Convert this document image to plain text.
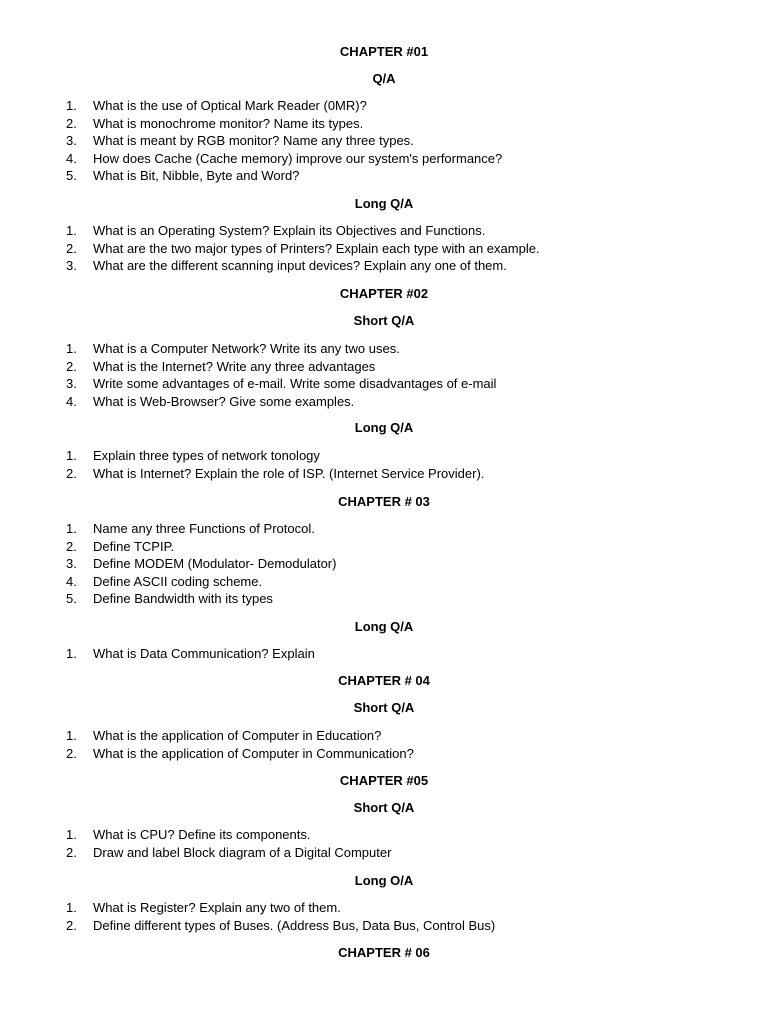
CHAPTER #01
Q/A
1. What is the use of Optical Mark Reader (0MR)?
2. What is monochrome monitor? Name its types.
3. What is meant by RGB monitor? Name any three types.
4. How does Cache (Cache memory) improve our system's performance?
5. What is Bit, Nibble, Byte and Word?
Long Q/A
1. What is an Operating System? Explain its Objectives and Functions.
2. What are the two major types of Printers? Explain each type with an example.
3. What are the different scanning input devices? Explain any one of them.
CHAPTER #02
Short Q/A
1. What is a Computer Network? Write its any two uses.
2. What is the Internet? Write any three advantages
3. Write some advantages of e-mail. Write some disadvantages of e-mail
4. What is Web-Browser? Give some examples.
Long Q/A
1. Explain three types of network tonology
2. What is Internet? Explain the role of ISP. (Internet Service Provider).
CHAPTER # 03
1. Name any three Functions of Protocol.
2. Define TCPIP.
3. Define MODEM (Modulator- Demodulator)
4. Define ASCII coding scheme.
5. Define Bandwidth with its types
Long Q/A
1. What is Data Communication? Explain
CHAPTER # 04
Short Q/A
1. What is the application of Computer in Education?
2. What is the application of Computer in Communication?
CHAPTER #05
Short Q/A
1. What is CPU? Define its components.
2. Draw and label Block diagram of a Digital Computer
Long O/A
1. What is Register? Explain any two of them.
2. Define different types of Buses. (Address Bus, Data Bus, Control Bus)
CHAPTER # 06
